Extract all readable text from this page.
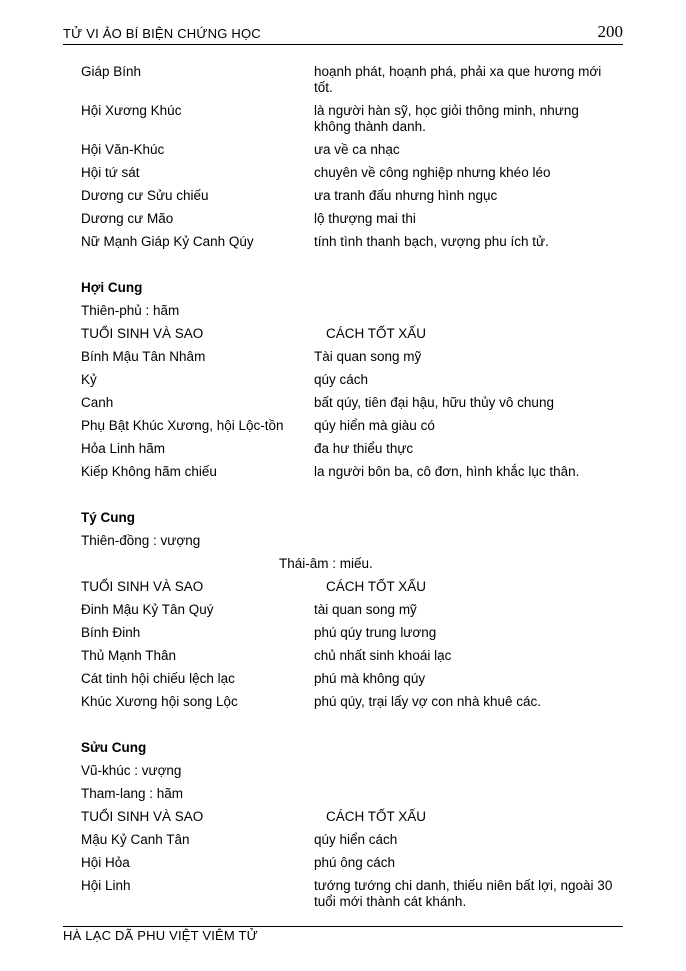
TỬ VI ẢO BÍ BIỆN CHỨNG HỌC	200
Giáp Bính	hoạnh phát, hoạnh phá, phải xa que hương mới tốt.
Hội Xương Khúc	là người hàn sỹ, học giỏi thông minh, nhưng không thành danh.
Hội Văn-Khúc	ưa về ca nhạc
Hội tứ sát	chuyên về công nghiệp nhưng khéo léo
Dương cư Sửu chiếu	ưa tranh đấu nhưng hình ngục
Dương cư Mão	lộ thượng mai thi
Nữ Mạnh Giáp Kỷ Canh Qúy	tính tình thanh bạch, vượng phu ích tử.
Hợi Cung
Thiên-phủ : hãm
TUỔI SINH VÀ SAO	CÁCH TỐT XẤU
Bính Mậu Tân Nhâm	Tài quan song mỹ
Kỷ	qúy cách
Canh	bất qúy, tiên đại hậu, hữu thủy vô chung
Phụ Bật Khúc Xương, hội Lộc-tồn	qúy hiển mà giàu có
Hỏa Linh hãm	đa hư thiểu thực
Kiếp Không hãm chiếu	la người bôn ba, cô đơn, hình khắc lục thân.
Tý Cung
Thiên-đồng : vượng
Thái-âm : miếu.
TUỔI SINH VÀ SAO	CÁCH TỐT XẤU
Đinh Mậu Kỷ Tân Quý	tài quan song mỹ
Bính Đinh	phú qúy trung lương
Thủ Mạnh Thân	chủ nhất sinh khoái lạc
Cát tinh hội chiếu lệch lạc	phú mà không qúy
Khúc Xương hội song Lộc	phú qúy, trại lấy vợ con nhà khuê các.
Sửu Cung
Vũ-khúc : vượng
Tham-lang : hãm
TUỔI SINH VÀ SAO	CÁCH TỐT XẤU
Mậu Kỷ Canh Tân	qúy hiển cách
Hội Hỏa	phú ông cách
Hội Linh	tướng tướng chi danh, thiếu niên bất lợi, ngoài 30 tuổi mới thành cát khánh.
HÀ LẠC DÃ PHU VIỆT VIÊM TỬ
